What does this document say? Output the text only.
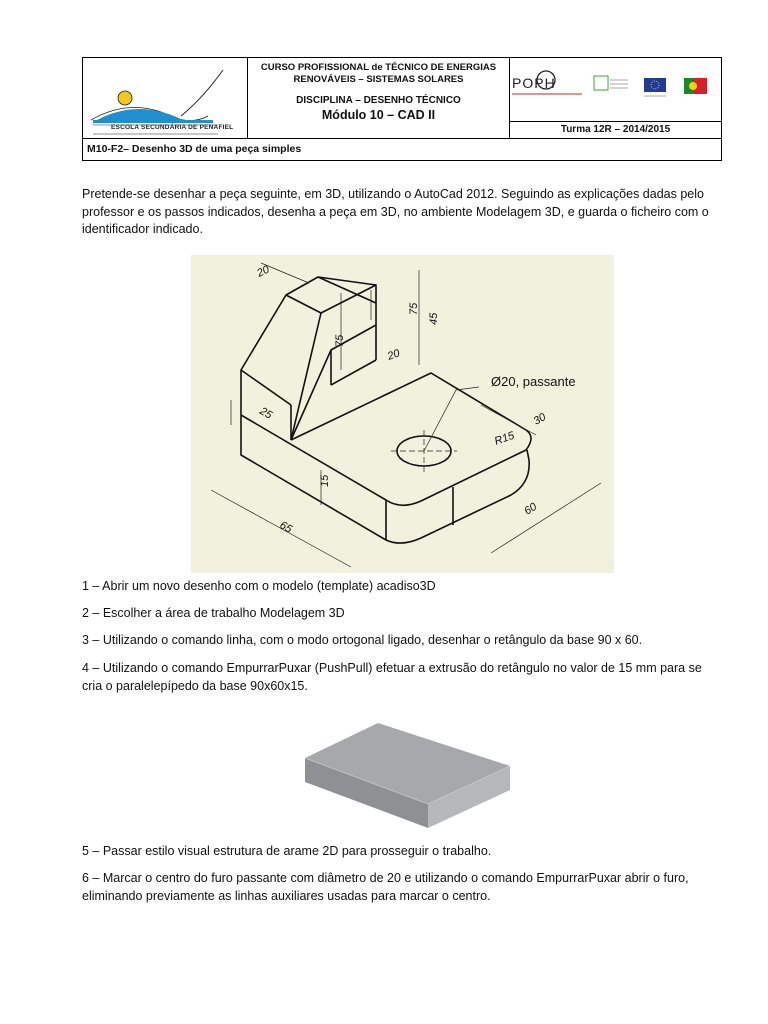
ESCOLA SECUNDÁRIA DE PENAFIEL
CURSO PROFISSIONAL de TÉCNICO DE ENERGIAS
RENOVÁVEIS – SISTEMAS SOLARES
DISCIPLINA – DESENHO TÉCNICO
Módulo 10 – CAD II
POPH
Turma 12R – 2014/2015
M10-F2– Desenho 3D de uma peça simples

Pretende-se desenhar a peça seguinte, em 3D, utilizando o AutoCad 2012. Seguindo as explicações dadas pelo professor e os passos indicados, desenha a peça em 3D, no ambiente Modelagem 3D, e guarda o ficheiro com o identificador indicado.

20
75
45
75
20
25
15
65
60
30
R15
Ø20, passante

1 – Abrir um novo desenho com o modelo (template) acadiso3D

2 – Escolher a área de trabalho Modelagem 3D

3 – Utilizando o comando linha, com o modo ortogonal ligado, desenhar o retângulo da base 90 x 60.

4 – Utilizando o comando EmpurrarPuxar (PushPull) efetuar a extrusão do retângulo no valor de 15 mm para se cria o paralelepípedo da base 90x60x15.

5 – Passar estilo visual estrutura de arame 2D para prosseguir o trabalho.

6 – Marcar o centro do furo passante com diâmetro de 20 e utilizando o comando EmpurrarPuxar abrir o furo, eliminando previamente as linhas auxiliares usadas para marcar o centro.
